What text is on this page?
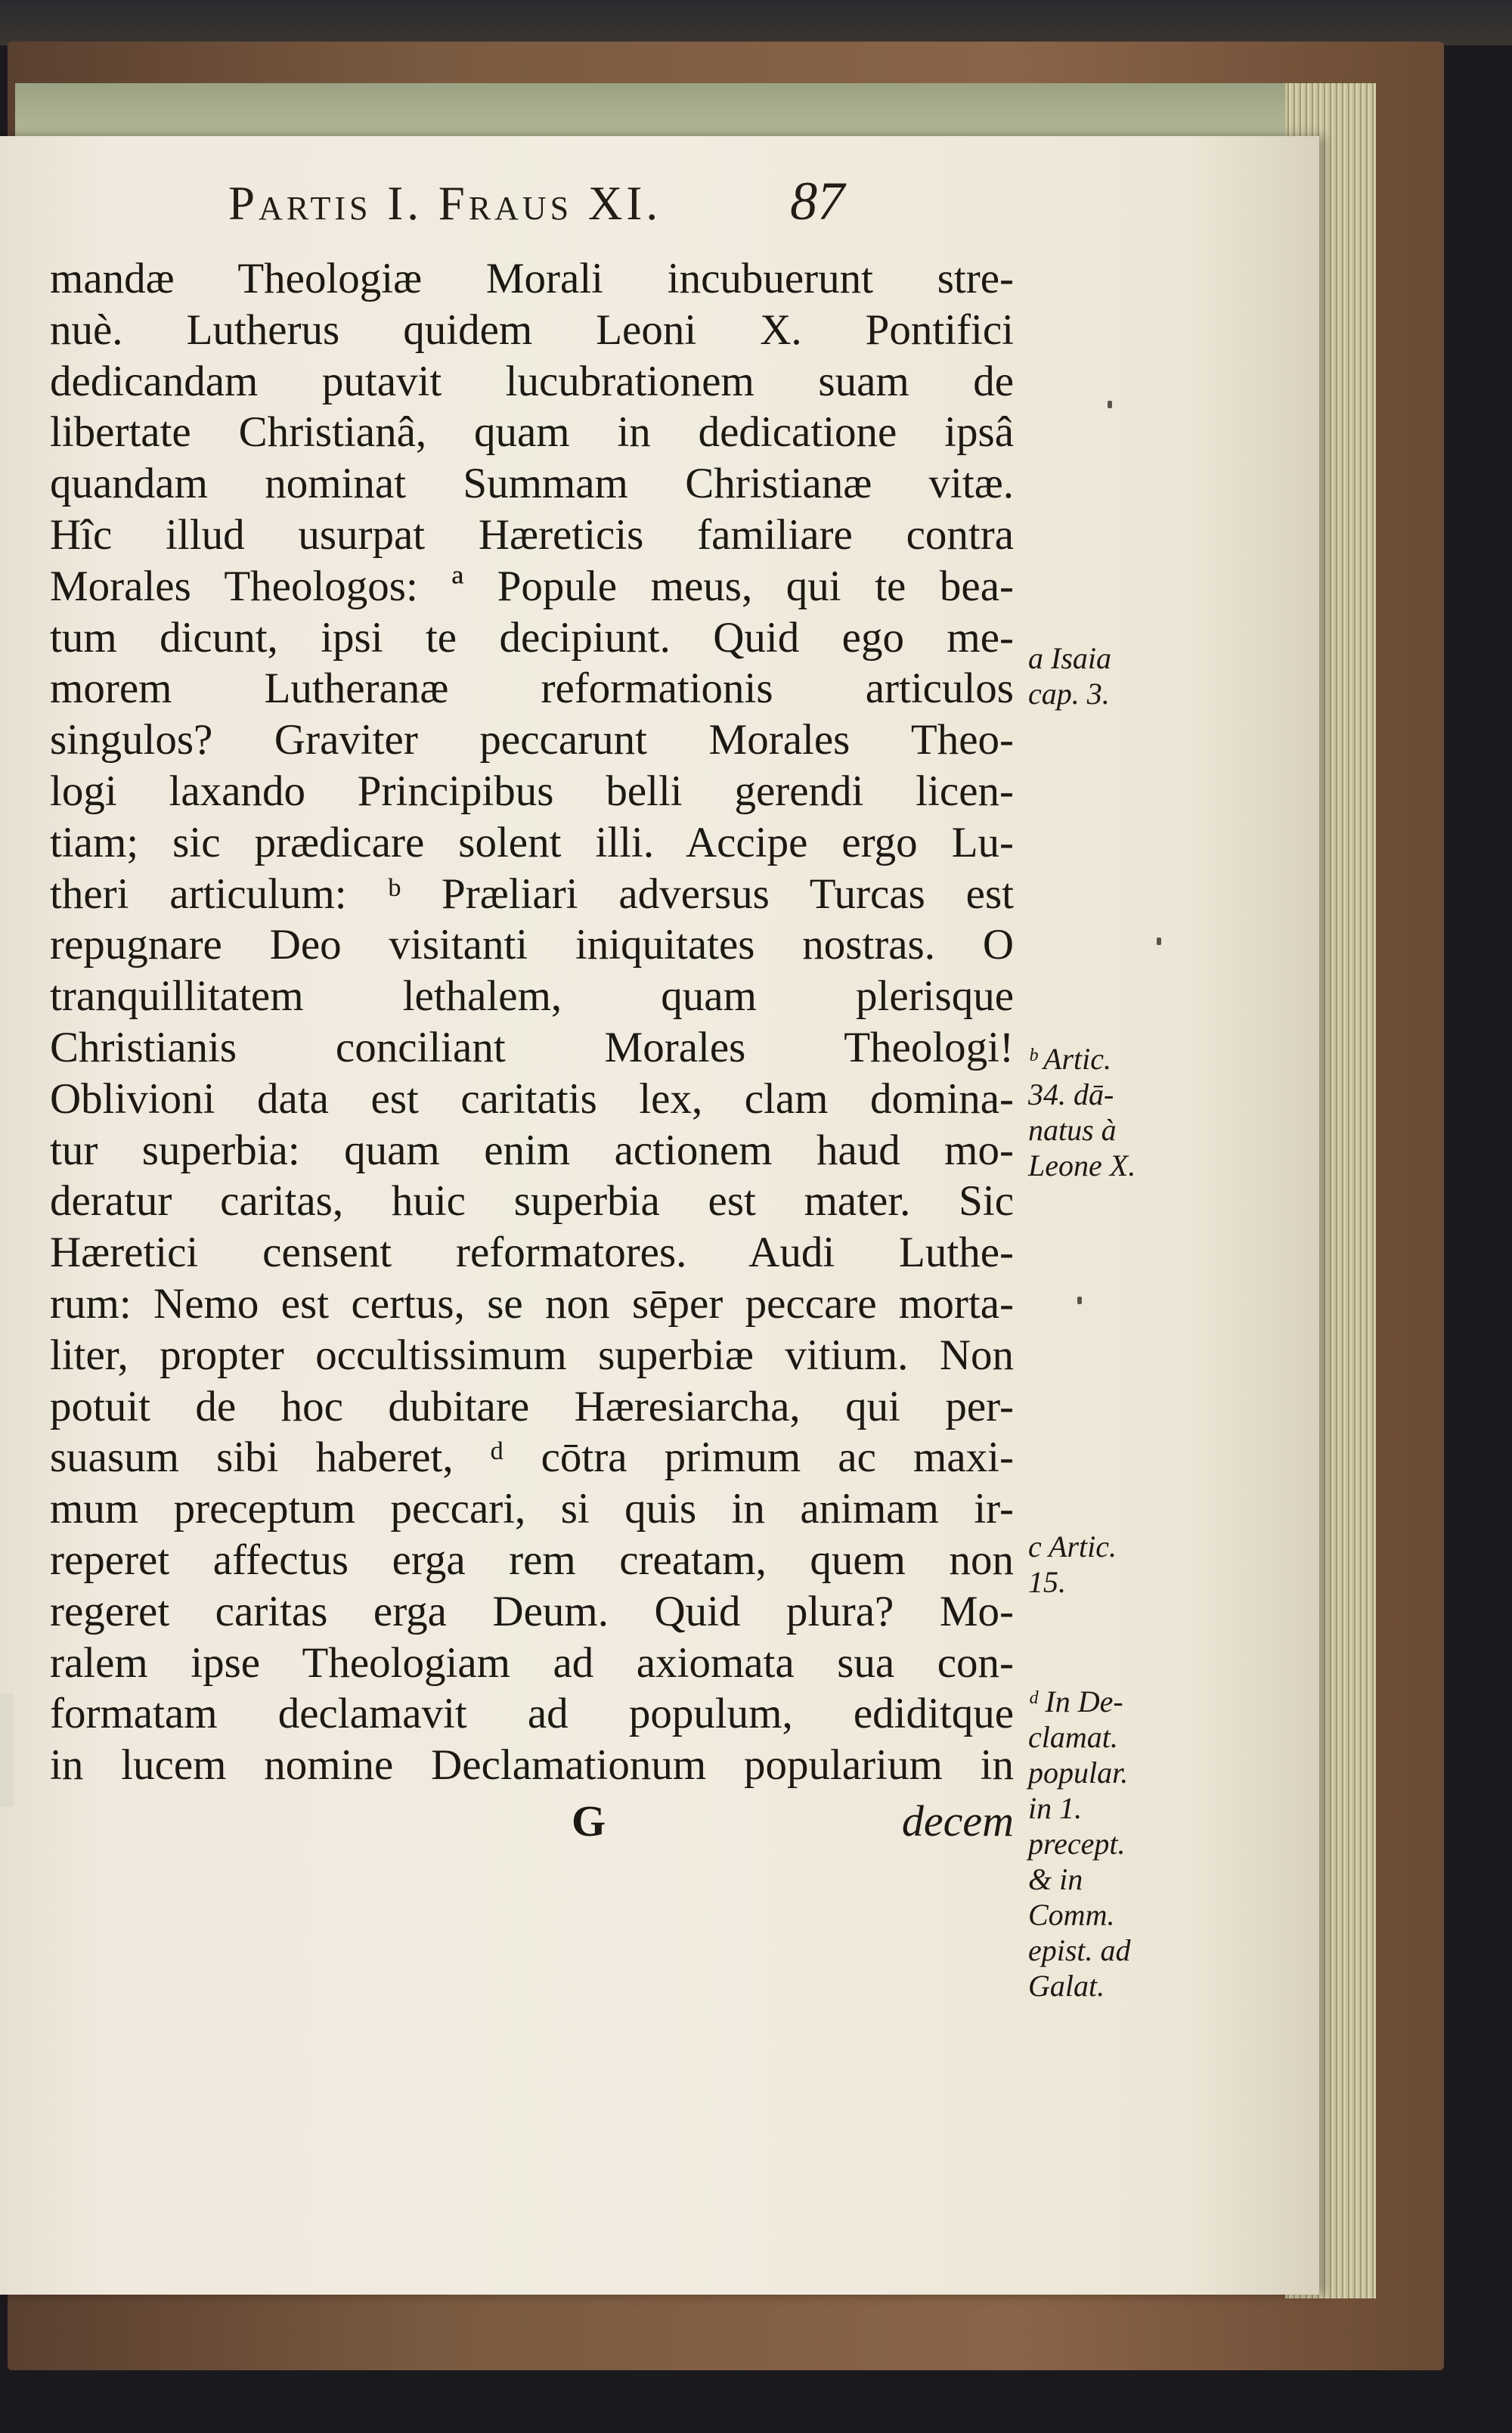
Partis I. Fraus XI. 87
mandæ Theologiæ Morali incubuerunt stre-
nuè. Lutherus quidem Leoni X. Pontifici
dedicandam putavit lucubrationem suam de
libertate Christianâ, quam in dedicatione ipsâ
quandam nominat Summam Christianæ vitæ.
Hîc illud usurpat Hæreticis familiare contra
Morales Theologos: ª Popule meus, qui te bea-
tum dicunt, ipsi te decipiunt. Quid ego me-
morem Lutheranæ reformationis articulos
singulos? Graviter peccarunt Morales Theo-
logi laxando Principibus belli gerendi licen-
tiam; sic prædicare solent illi. Accipe ergo Lu-
theri articulum: ᵇ Præliari adversus Turcas est
repugnare Deo visitanti iniquitates nostras. O
tranquillitatem lethalem, quam plerisque
Christianis conciliant Morales Theologi!
Oblivioni data est caritatis lex, clam domina-
tur superbia: quam enim actionem haud mo-
deratur caritas, huic superbia est mater. Sic
Hæretici censent reformatores. Audi Luthe-
rum: Nemo est certus, se non sēper peccare morta-
liter, propter occultissimum superbiæ vitium. Non
potuit de hoc dubitare Hæresiarcha, qui per-
suasum sibi haberet, ᵈ cōtra primum ac maxi-
mum preceptum peccari, si quis in animam ir-
reperet affectus erga rem creatam, quem non
regeret caritas erga Deum. Quid plura? Mo-
ralem ipse Theologiam ad axiomata sua con-
formatam declamavit ad populum, ediditque
in lucem nomine Declamationum popularium in
G	decem
a Isaia
cap. 3.
ᵇ Artic.
34. dā-
natus à
Leone X.
c Artic.
15.
ᵈ In De-
clamat.
popular.
in 1.
precept.
& in
Comm.
epist. ad
Galat.
